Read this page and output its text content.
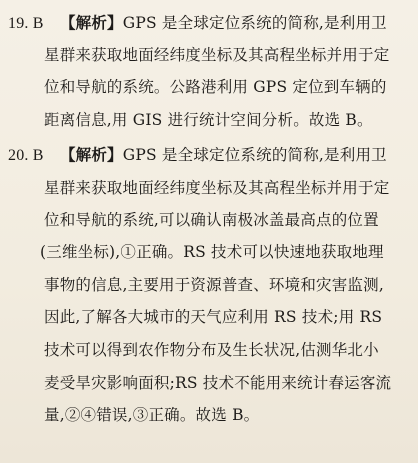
19. B 【解析】GPS 是全球定位系统的简称,是利用卫
星群来获取地面经纬度坐标及其高程坐标并用于定
位和导航的系统。公路港利用 GPS 定位到车辆的
距离信息,用 GIS 进行统计空间分析。故选 B。
20. B 【解析】GPS 是全球定位系统的简称,是利用卫
星群来获取地面经纬度坐标及其高程坐标并用于定
位和导航的系统,可以确认南极冰盖最高点的位置
(三维坐标),①正确。RS 技术可以快速地获取地理
事物的信息,主要用于资源普查、环境和灾害监测,
因此,了解各大城市的天气应利用 RS 技术;用 RS
技术可以得到农作物分布及生长状况,估测华北小
麦受旱灾影响面积;RS 技术不能用来统计春运客流
量,②④错误,③正确。故选 B。
